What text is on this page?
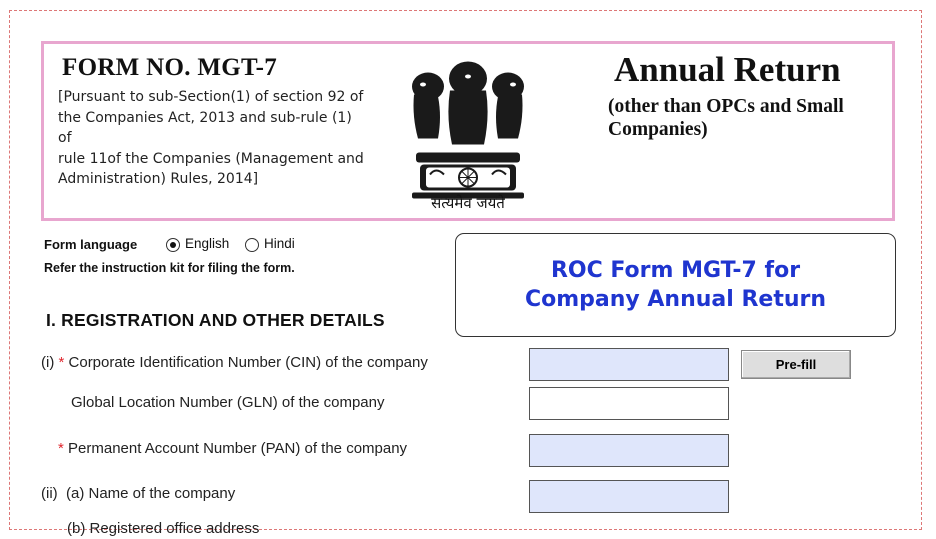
FORM NO. MGT-7
[Pursuant to sub-Section(1) of section 92 of
the Companies Act, 2013 and sub-rule (1) of
rule 11of the Companies (Management and
Administration) Rules, 2014]
सत्यमेव जयते
Annual Return
(other than OPCs and Small
Companies)
Form language	English	Hindi
Refer the instruction kit for filing the form.	ROC Form MGT-7 for
Company Annual Return
I. REGISTRATION AND OTHER DETAILS
(i) * Corporate Identification Number (CIN) of the company	Pre-fill
Global Location Number (GLN) of the company
* Permanent Account Number (PAN) of the company
(ii) (a) Name of the company
(b) Registered office address
